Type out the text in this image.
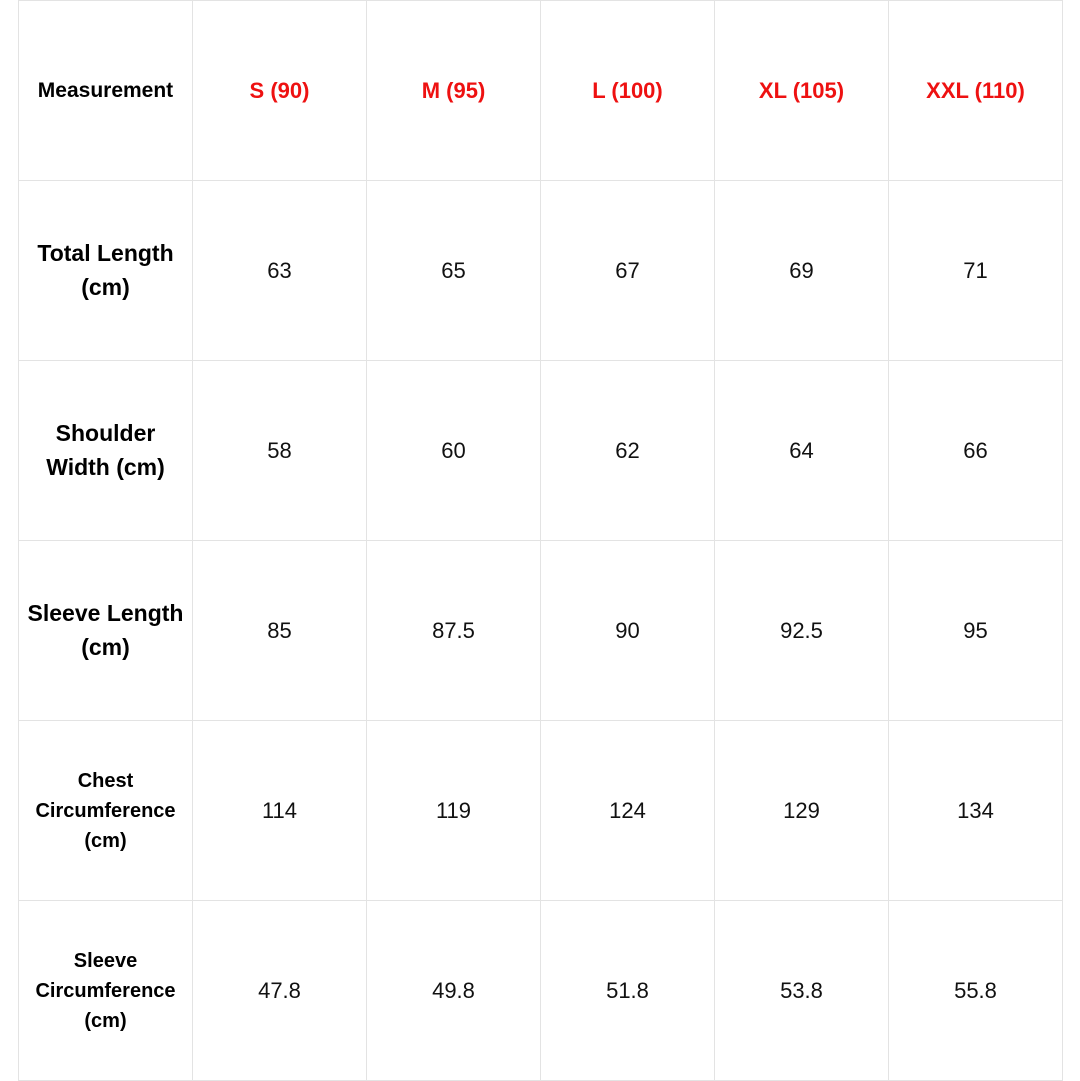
Measurement	S (90)	M (95)	L (100)	XL (105)	XXL (110)
Total Length (cm)	63	65	67	69	71
Shoulder Width (cm)	58	60	62	64	66
Sleeve Length (cm)	85	87.5	90	92.5	95
Chest Circumference (cm)	114	119	124	129	134
Sleeve Circumference (cm)	47.8	49.8	51.8	53.8	55.8
